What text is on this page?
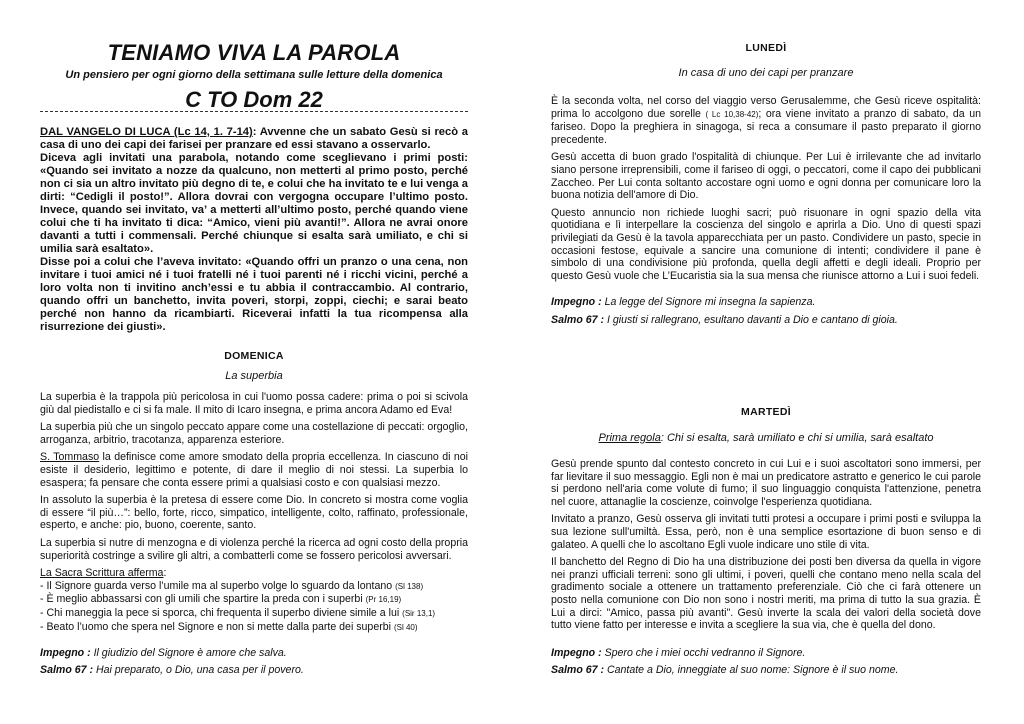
TENIAMO VIVA LA PAROLA
Un pensiero per ogni giorno della settimana sulle letture della domenica
C TO Dom 22

DAL VANGELO DI LUCA (Lc 14, 1. 7-14): Avvenne che un sabato Gesù si recò a casa di uno dei capi dei farisei per pranzare ed essi stavano a osservarlo.

Diceva agli invitati una parabola, notando come sceglievano i primi posti: «Quando sei invitato a nozze da qualcuno, non metterti al primo posto, perché non ci sia un altro invitato più degno di te, e colui che ha invitato te e lui venga a dirti: “Cedigli il posto!”. Allora dovrai con vergogna occupare l’ultimo posto. Invece, quando sei invitato, va’ a metterti all’ultimo posto, perché quando viene colui che ti ha invitato ti dica: “Amico, vieni più avanti!”. Allora ne avrai onore davanti a tutti i commensali. Perché chiunque si esalta sarà umiliato, e chi si umilia sarà esaltato».

Disse poi a colui che l’aveva invitato: «Quando offri un pranzo o una cena, non invitare i tuoi amici né i tuoi fratelli né i tuoi parenti né i ricchi vicini, perché a loro volta non ti invitino anch’essi e tu abbia il contraccambio. Al contrario, quando offri un banchetto, invita poveri, storpi, zoppi, ciechi; e sarai beato perché non hanno da ricambiarti. Riceverai infatti la tua ricompensa alla risurrezione dei giusti».

DOMENICA
La superbia

La superbia è la trappola più pericolosa in cui l'uomo possa cadere: prima o poi si scivola giù dal piedistallo e ci si fa male. Il mito di Icaro insegna, e prima ancora Adamo ed Eva!

La superbia più che un singolo peccato appare come una costellazione di peccati: orgoglio, arroganza, arbitrio, tracotanza, apparenza esteriore.

S. Tommaso la definisce come amore smodato della propria eccellenza. In ciascuno di noi esiste il desiderio, legittimo e potente, di dare il meglio di noi stessi. La superbia lo esaspera; fa pensare che conta essere primi a qualsiasi costo e con qualsiasi mezzo.

In assoluto la superbia è la pretesa di essere come Dio. In concreto si mostra come voglia di essere “il più…”: bello, forte, ricco, simpatico, intelligente, colto, raffinato, professionale, esperto, e anche: pio, buono, coerente, santo.

La superbia si nutre di menzogna e di violenza perché la ricerca ad ogni costo della propria superiorità costringe a svilire gli altri, a combatterli come se fossero pericolosi avversari.

La Sacra Scrittura afferma:
- Il Signore guarda verso l’umile ma al superbo volge lo sguardo da lontano (Sl 138)
- È meglio abbassarsi con gli umili che spartire la preda con i superbi (Pr 16,19)
- Chi maneggia la pece si sporca, chi frequenta il superbo diviene simile a lui (Sir 13,1)
- Beato l’uomo che spera nel Signore e non si mette dalla parte dei superbi (Sl 40)
Impegno : Il giudizio del Signore è amore che salva.
Salmo 67 : Hai preparato, o Dio, una casa per il povero.
LUNEDÌ
In casa di uno dei capi per pranzare

È la seconda volta, nel corso del viaggio verso Gerusalemme, che Gesù riceve ospitalità: prima lo accolgono due sorelle ( Lc 10,38-42); ora viene invitato a pranzo di sabato, da un fariseo. Dopo la preghiera in sinagoga, si reca a consumare il pasto preparato il giorno precedente.

Gesù accetta di buon grado l'ospitalità di chiunque. Per Lui è irrilevante che ad invitarlo siano persone irreprensibili, come il fariseo di oggi, o peccatori, come il capo dei pubblicani Zaccheo. Per Lui conta soltanto accostare ogni uomo e ogni donna per comunicare loro la buona notizia dell'amore di Dio.

Questo annuncio non richiede luoghi sacri; può risuonare in ogni spazio della vita quotidiana e lì interpellare la coscienza del singolo e aprirla a Dio. Uno di questi spazi privilegiati da Gesù è la tavola apparecchiata per un pasto. Condividere un pasto, specie in occasioni festose, equivale a sancire una comunione di intenti; condividere il pane è simbolo di una condivisione più profonda, quella degli affetti e degli ideali. Proprio per questo Gesù vuole che L’Eucaristia sia la sua mensa che riunisce attorno a Lui i suoi fedeli.

Impegno : La legge del Signore mi insegna la sapienza.
Salmo 67 : I giusti si rallegrano, esultano davanti a Dio e cantano di gioia.
MARTEDÌ
Prima regola: Chi si esalta, sarà umiliato e chi si umilia, sarà esaltato

Gesù prende spunto dal contesto concreto in cui Lui e i suoi ascoltatori sono immersi, per far lievitare il suo messaggio. Egli non è mai un predicatore astratto e generico le cui parole si perdono nell'aria come volute di fumo; il suo linguaggio conquista l'attenzione, penetra nel cuore, attanaglie la coscienze, coinvolge l'esperienza quotidiana.

Invitato a pranzo, Gesù osserva gli invitati tutti protesi a occupare i primi posti e sviluppa la sua lezione sull'umiltà. Essa, però, non è una semplice esortazione di buon senso e di galateo. A quelli che lo ascoltano Egli vuole indicare uno stile di vita.

Il banchetto del Regno di Dio ha una distribuzione dei posti ben diversa da quella in vigore nei pranzi ufficiali terreni: sono gli ultimi, i poveri, quelli che contano meno nella scala del gradimento sociale a ottenere un trattamento preferenziale. Ciò che ci farà ottenere un posto nella comunione con Dio non sono i nostri meriti, ma prima di tutto la sua grazia. È Lui a dirci: "Amico, passa più avanti". Gesù inverte la scala dei valori della società dove tutto viene fatto per interesse e invita a scegliere la sua via, che è quella del dono.

Impegno : Spero che i miei occhi vedranno il Signore.
Salmo 67 : Cantate a Dio, inneggiate al suo nome: Signore è il suo nome.
